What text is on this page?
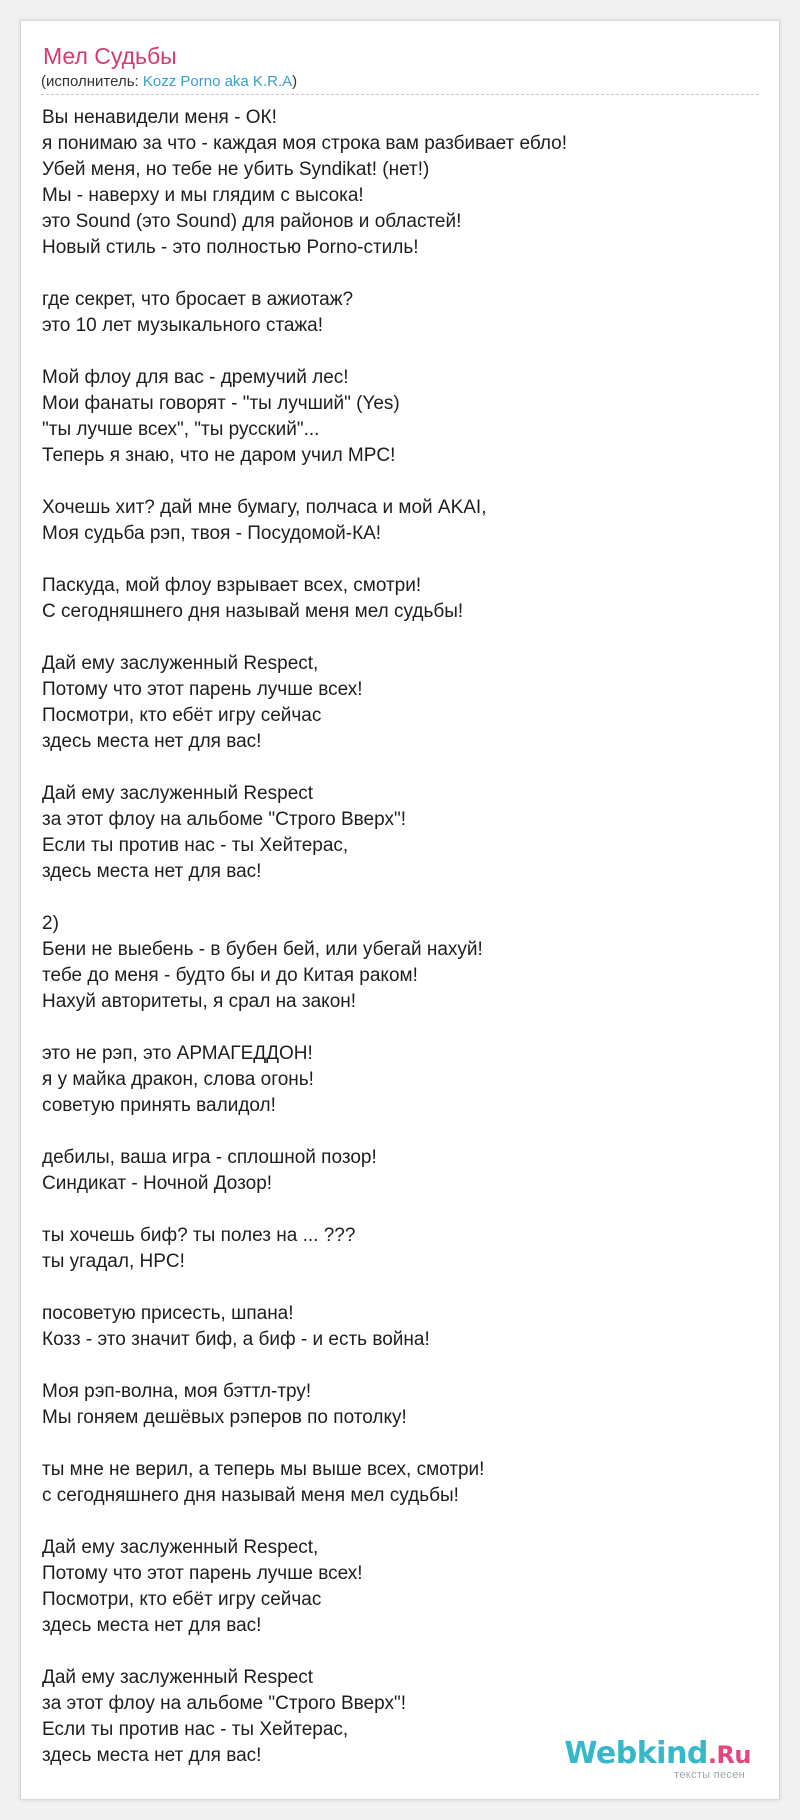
Мел Судьбы
(исполнитель: Kozz Porno aka K.R.A)
Вы ненавидели меня - ОК!
я понимаю за что - каждая моя строка вам разбивает ебло!
Убей меня, но тебе не убить Syndikat! (нет!)
Мы - наверху и мы глядим с высока!
это Sound (это Sound) для районов и областей!
Новый стиль - это полностью Porno-стиль!
где секрет, что бросает в ажиотаж?
это 10 лет музыкального стажа!
Мой флоу для вас - дремучий лес!
Мои фанаты говорят - "ты лучший" (Yes)
"ты лучше всех", "ты русский"...
Теперь я знаю, что не даром учил MPC!
Хочешь хит? дай мне бумагу, полчаса и мой AKAI,
Моя судьба рэп, твоя - Посудомой-КА!
Паскуда, мой флоу взрывает всех, смотри!
С сегодняшнего дня называй меня мел судьбы!
Дай ему заслуженный Respect,
Потому что этот парень лучше всех!
Посмотри, кто ебёт игру сейчас
здесь места нет для вас!
Дай ему заслуженный Respect
за этот флоу на альбоме "Строго Вверх"!
Если ты против нас - ты Хейтерас,
здесь места нет для вас!
2)
Бени не выебень - в бубен бей, или убегай нахуй!
тебе до меня - будто бы и до Китая раком!
Нахуй авторитеты, я срал на закон!
это не рэп, это АРМАГЕДДОН!
я у майка дракон, слова огонь!
советую принять валидол!
дебилы, ваша игра - сплошной позор!
Синдикат - Ночной Дозор!
ты хочешь биф? ты полез на ... ???
ты угадал, HPC!
посоветую присесть, шпана!
Козз - это значит биф, а биф - и есть война!
Моя рэп-волна, моя бэттл-тру!
Мы гоняем дешёвых рэперов по потолку!
ты мне не верил, а теперь мы выше всех, смотри!
с сегодняшнего дня называй меня мел судьбы!
Дай ему заслуженный Respect,
Потому что этот парень лучше всех!
Посмотри, кто ебёт игру сейчас
здесь места нет для вас!
Дай ему заслуженный Respect
за этот флоу на альбоме "Строго Вверх"!
Если ты против нас - ты Хейтерас,
здесь места нет для вас!	Webkind.Ru
тексты песен
